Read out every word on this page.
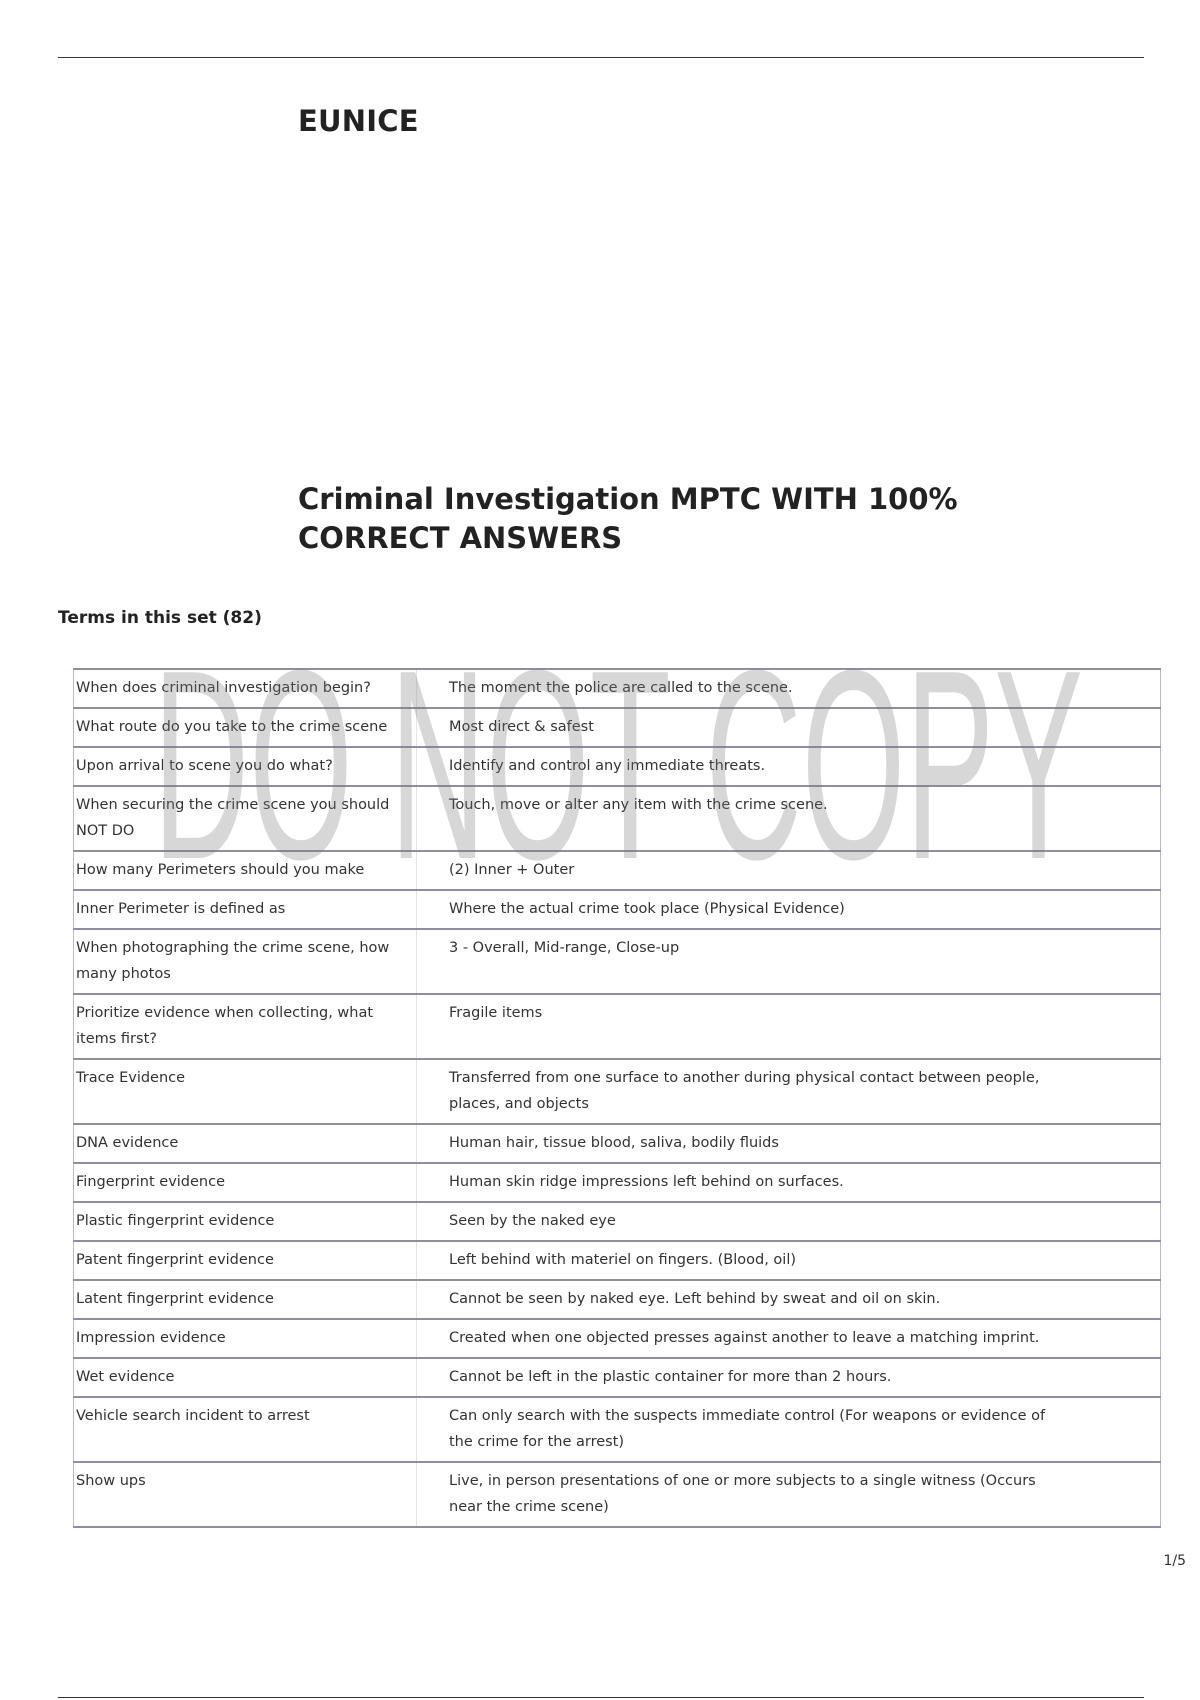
EUNICE
Criminal Investigation MPTC WITH 100% CORRECT ANSWERS
Terms in this set (82)
When does criminal investigation begin?	The moment the police are called to the scene.
What route do you take to the crime scene	Most direct & safest
Upon arrival to scene you do what?	Identify and control any immediate threats.
When securing the crime scene you should NOT DO	Touch, move or alter any item with the crime scene.
How many Perimeters should you make	(2) Inner + Outer
Inner Perimeter is defined as	Where the actual crime took place (Physical Evidence)
When photographing the crime scene, how many photos	3 - Overall, Mid-range, Close-up
Prioritize evidence when collecting, what items first?	Fragile items
Trace Evidence	Transferred from one surface to another during physical contact between people, places, and objects
DNA evidence	Human hair, tissue blood, saliva, bodily fluids
Fingerprint evidence	Human skin ridge impressions left behind on surfaces.
Plastic fingerprint evidence	Seen by the naked eye
Patent fingerprint evidence	Left behind with materiel on fingers. (Blood, oil)
Latent fingerprint evidence	Cannot be seen by naked eye. Left behind by sweat and oil on skin.
Impression evidence	Created when one objected presses against another to leave a matching imprint.
Wet evidence	Cannot be left in the plastic container for more than 2 hours.
Vehicle search incident to arrest	Can only search with the suspects immediate control (For weapons or evidence of the crime for the arrest)
Show ups	Live, in person presentations of one or more subjects to a single witness (Occurs near the crime scene)
DO NOT COPY
1/5
